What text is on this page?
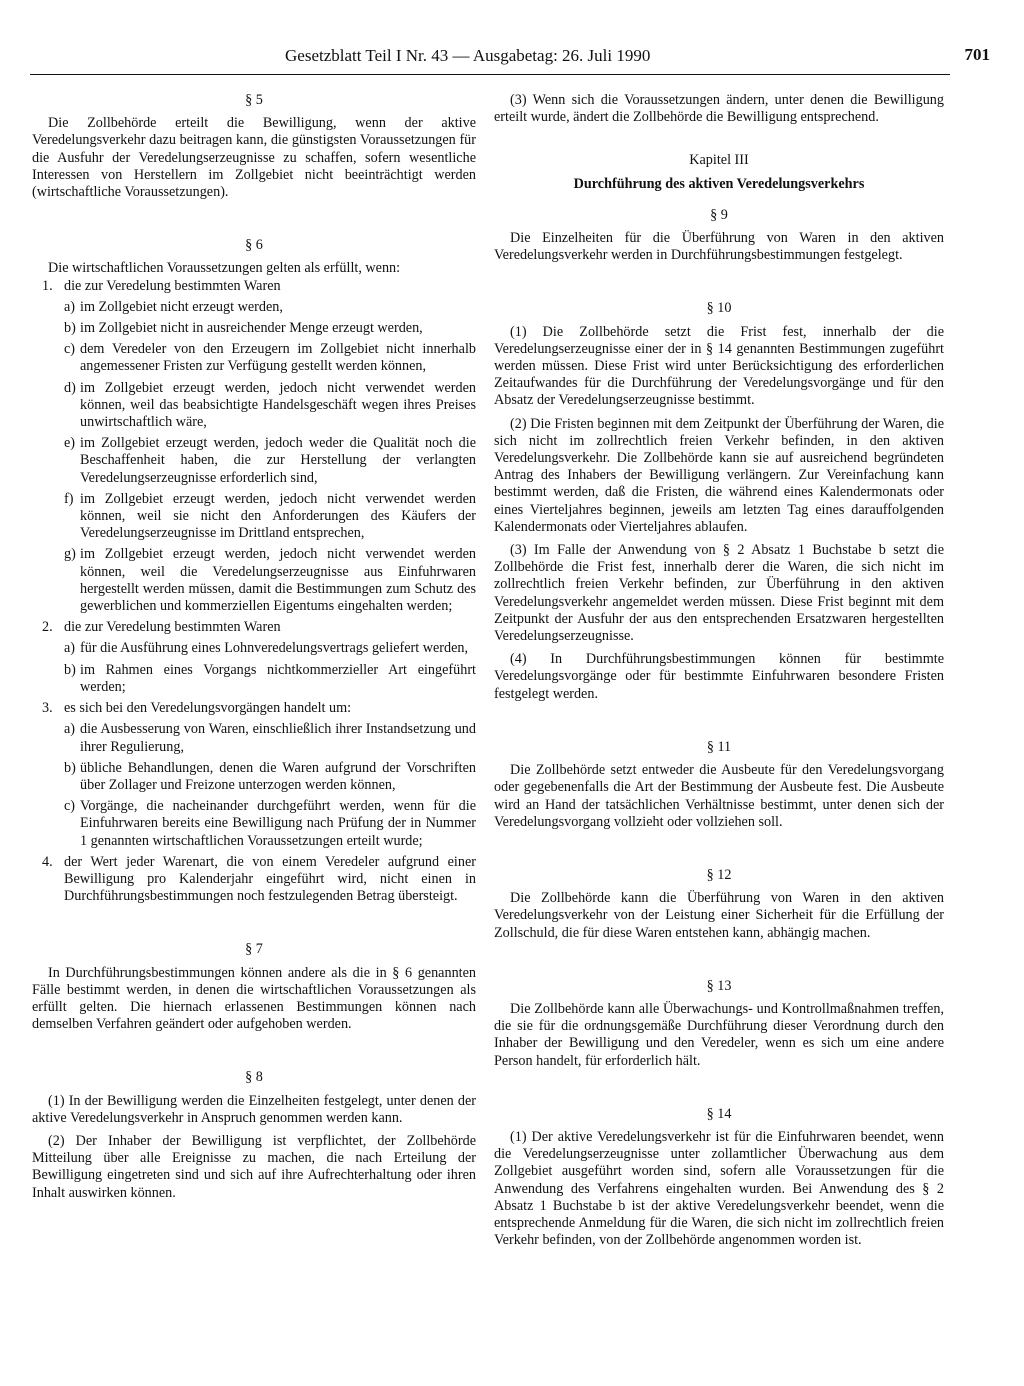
Gesetzblatt Teil I Nr. 43 — Ausgabetag: 26. Juli 1990	701

§ 5

Die Zollbehörde erteilt die Bewilligung, wenn der aktive Veredelungsverkehr dazu beitragen kann, die günstigsten Voraussetzungen für die Ausfuhr der Veredelungserzeugnisse zu schaffen, sofern wesentliche Interessen von Herstellern im Zollgebiet nicht beeinträchtigt werden (wirtschaftliche Voraussetzungen).

§ 6

Die wirtschaftlichen Voraussetzungen gelten als erfüllt, wenn:

1. die zur Veredelung bestimmten Waren
a) im Zollgebiet nicht erzeugt werden,
b) im Zollgebiet nicht in ausreichender Menge erzeugt werden,
c) dem Veredeler von den Erzeugern im Zollgebiet nicht innerhalb angemessener Fristen zur Verfügung gestellt werden können,
d) im Zollgebiet erzeugt werden, jedoch nicht verwendet werden können, weil das beabsichtigte Handelsgeschäft wegen ihres Preises unwirtschaftlich wäre,
e) im Zollgebiet erzeugt werden, jedoch weder die Qualität noch die Beschaffenheit haben, die zur Herstellung der verlangten Veredelungserzeugnisse erforderlich sind,
f) im Zollgebiet erzeugt werden, jedoch nicht verwendet werden können, weil sie nicht den Anforderungen des Käufers der Veredelungserzeugnisse im Drittland entsprechen,
g) im Zollgebiet erzeugt werden, jedoch nicht verwendet werden können, weil die Veredelungserzeugnisse aus Einfuhrwaren hergestellt werden müssen, damit die Bestimmungen zum Schutz des gewerblichen und kommerziellen Eigentums eingehalten werden;
2. die zur Veredelung bestimmten Waren
a) für die Ausführung eines Lohnveredelungsvertrags geliefert werden,
b) im Rahmen eines Vorgangs nichtkommerzieller Art eingeführt werden;
3. es sich bei den Veredelungsvorgängen handelt um:
a) die Ausbesserung von Waren, einschließlich ihrer Instandsetzung und ihrer Regulierung,
b) übliche Behandlungen, denen die Waren aufgrund der Vorschriften über Zollager und Freizone unterzogen werden können,
c) Vorgänge, die nacheinander durchgeführt werden, wenn für die Einfuhrwaren bereits eine Bewilligung nach Prüfung der in Nummer 1 genannten wirtschaftlichen Voraussetzungen erteilt wurde;
4. der Wert jeder Warenart, die von einem Veredeler aufgrund einer Bewilligung pro Kalenderjahr eingeführt wird, nicht einen in Durchführungsbestimmungen noch festzulegenden Betrag übersteigt.

§ 7

In Durchführungsbestimmungen können andere als die in § 6 genannten Fälle bestimmt werden, in denen die wirtschaftlichen Voraussetzungen als erfüllt gelten. Die hiernach erlassenen Bestimmungen können nach demselben Verfahren geändert oder aufgehoben werden.

§ 8

(1) In der Bewilligung werden die Einzelheiten festgelegt, unter denen der aktive Veredelungsverkehr in Anspruch genommen werden kann.

(2) Der Inhaber der Bewilligung ist verpflichtet, der Zollbehörde Mitteilung über alle Ereignisse zu machen, die nach Erteilung der Bewilligung eingetreten sind und sich auf ihre Aufrechterhaltung oder ihren Inhalt auswirken können.

(3) Wenn sich die Voraussetzungen ändern, unter denen die Bewilligung erteilt wurde, ändert die Zollbehörde die Bewilligung entsprechend.

Kapitel III

Durchführung des aktiven Veredelungsverkehrs

§ 9

Die Einzelheiten für die Überführung von Waren in den aktiven Veredelungsverkehr werden in Durchführungsbestimmungen festgelegt.

§ 10

(1) Die Zollbehörde setzt die Frist fest, innerhalb der die Veredelungserzeugnisse einer der in § 14 genannten Bestimmungen zugeführt werden müssen. Diese Frist wird unter Berücksichtigung des erforderlichen Zeitaufwandes für die Durchführung der Veredelungsvorgänge und für den Absatz der Veredelungserzeugnisse bestimmt.

(2) Die Fristen beginnen mit dem Zeitpunkt der Überführung der Waren, die sich nicht im zollrechtlich freien Verkehr befinden, in den aktiven Veredelungsverkehr. Die Zollbehörde kann sie auf ausreichend begründeten Antrag des Inhabers der Bewilligung verlängern. Zur Vereinfachung kann bestimmt werden, daß die Fristen, die während eines Kalendermonats oder eines Vierteljahres beginnen, jeweils am letzten Tag eines darauffolgenden Kalendermonats oder Vierteljahres ablaufen.

(3) Im Falle der Anwendung von § 2 Absatz 1 Buchstabe b setzt die Zollbehörde die Frist fest, innerhalb derer die Waren, die sich nicht im zollrechtlich freien Verkehr befinden, zur Überführung in den aktiven Veredelungsverkehr angemeldet werden müssen. Diese Frist beginnt mit dem Zeitpunkt der Ausfuhr der aus den entsprechenden Ersatzwaren hergestellten Veredelungserzeugnisse.

(4) In Durchführungsbestimmungen können für bestimmte Veredelungsvorgänge oder für bestimmte Einfuhrwaren besondere Fristen festgelegt werden.

§ 11

Die Zollbehörde setzt entweder die Ausbeute für den Veredelungsvorgang oder gegebenenfalls die Art der Bestimmung der Ausbeute fest. Die Ausbeute wird an Hand der tatsächlichen Verhältnisse bestimmt, unter denen sich der Veredelungsvorgang vollzieht oder vollziehen soll.

§ 12

Die Zollbehörde kann die Überführung von Waren in den aktiven Veredelungsverkehr von der Leistung einer Sicherheit für die Erfüllung der Zollschuld, die für diese Waren entstehen kann, abhängig machen.

§ 13

Die Zollbehörde kann alle Überwachungs- und Kontrollmaßnahmen treffen, die sie für die ordnungsgemäße Durchführung dieser Verordnung durch den Inhaber der Bewilligung und den Veredeler, wenn es sich um eine andere Person handelt, für erforderlich hält.

§ 14

(1) Der aktive Veredelungsverkehr ist für die Einfuhrwaren beendet, wenn die Veredelungserzeugnisse unter zollamtlicher Überwachung aus dem Zollgebiet ausgeführt worden sind, sofern alle Voraussetzungen für die Anwendung des Verfahrens eingehalten wurden. Bei Anwendung des § 2 Absatz 1 Buchstabe b ist der aktive Veredelungsverkehr beendet, wenn die entsprechende Anmeldung für die Waren, die sich nicht im zollrechtlich freien Verkehr befinden, von der Zollbehörde angenommen worden ist.
